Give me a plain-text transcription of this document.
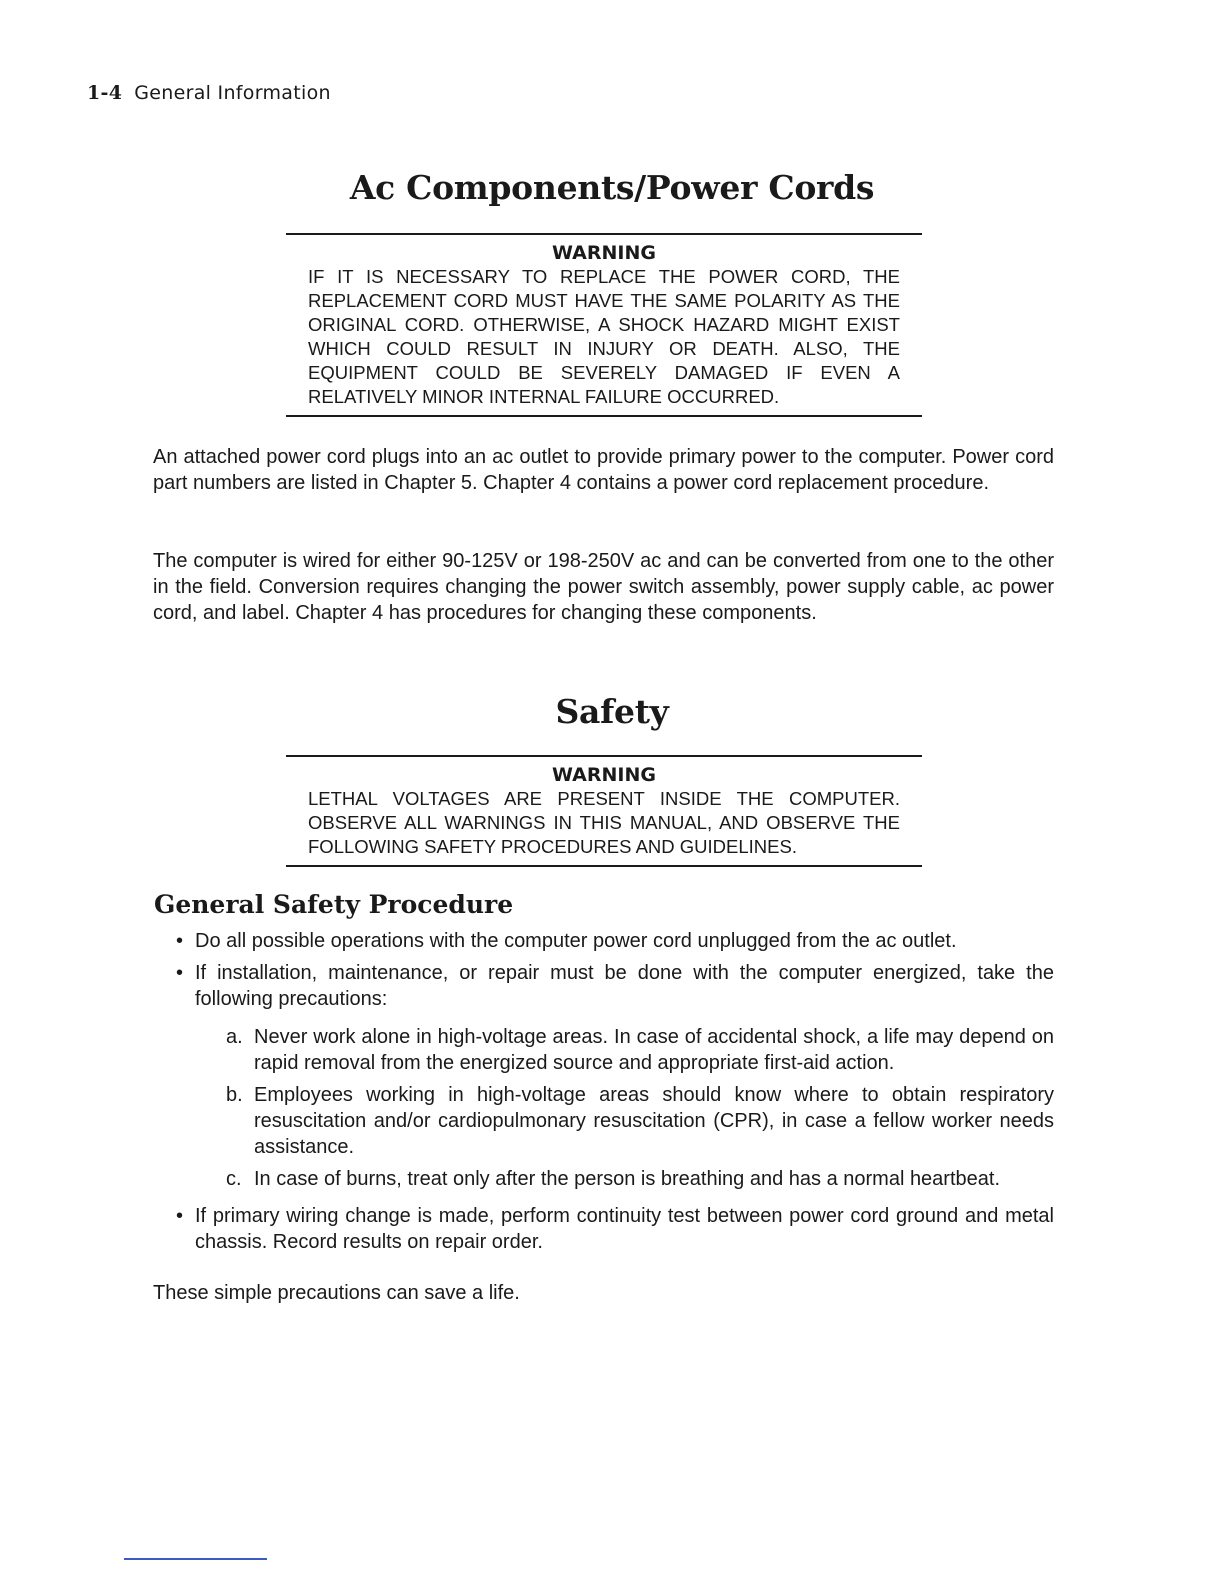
1-4 General Information
Ac Components/Power Cords
WARNING
IF IT IS NECESSARY TO REPLACE THE POWER CORD, THE REPLACEMENT CORD MUST HAVE THE SAME POLARITY AS THE ORIGINAL CORD. OTHERWISE, A SHOCK HAZARD MIGHT EXIST WHICH COULD RESULT IN INJURY OR DEATH. ALSO, THE EQUIPMENT COULD BE SEVERELY DAMAGED IF EVEN A RELATIVELY MINOR INTERNAL FAILURE OCCURRED.

An attached power cord plugs into an ac outlet to provide primary power to the computer. Power cord part numbers are listed in Chapter 5. Chapter 4 contains a power cord replacement procedure.

The computer is wired for either 90-125V or 198-250V ac and can be converted from one to the other in the field. Conversion requires changing the power switch assembly, power supply cable, ac power cord, and label. Chapter 4 has procedures for changing these components.

Safety
WARNING
LETHAL VOLTAGES ARE PRESENT INSIDE THE COMPUTER. OBSERVE ALL WARNINGS IN THIS MANUAL, AND OBSERVE THE FOLLOWING SAFETY PROCEDURES AND GUIDELINES.
General Safety Procedure
• Do all possible operations with the computer power cord unplugged from the ac outlet.
• If installation, maintenance, or repair must be done with the computer energized, take the following precautions:
a. Never work alone in high-voltage areas. In case of accidental shock, a life may depend on rapid removal from the energized source and appropriate first-aid action.
b. Employees working in high-voltage areas should know where to obtain respiratory resuscitation and/or cardiopulmonary resuscitation (CPR), in case a fellow worker needs assistance.
c. In case of burns, treat only after the person is breathing and has a normal heartbeat.
• If primary wiring change is made, perform continuity test between power cord ground and metal chassis. Record results on repair order.

These simple precautions can save a life.
